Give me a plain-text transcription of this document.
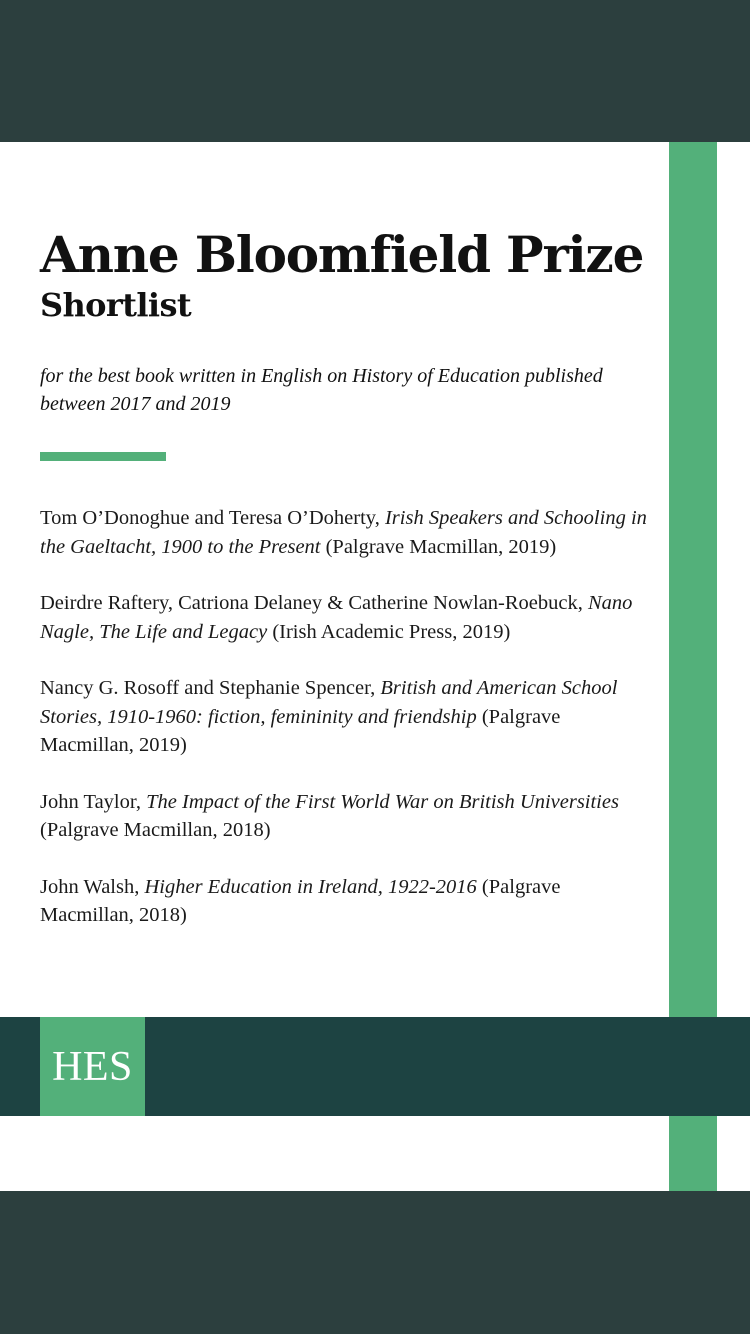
Anne Bloomfield Prize
Shortlist

for the best book written in English on History of Education published between 2017 and 2019

Tom O’Donoghue and Teresa O’Doherty, Irish Speakers and Schooling in the Gaeltacht, 1900 to the Present (Palgrave Macmillan, 2019)

Deirdre Raftery, Catriona Delaney & Catherine Nowlan-Roebuck, Nano Nagle, The Life and Legacy (Irish Academic Press, 2019)

Nancy G. Rosoff and Stephanie Spencer, British and American School Stories, 1910-1960: fiction, femininity and friendship (Palgrave Macmillan, 2019)

John Taylor, The Impact of the First World War on British Universities (Palgrave Macmillan, 2018)

John Walsh, Higher Education in Ireland, 1922-2016 (Palgrave Macmillan, 2018)

HES
